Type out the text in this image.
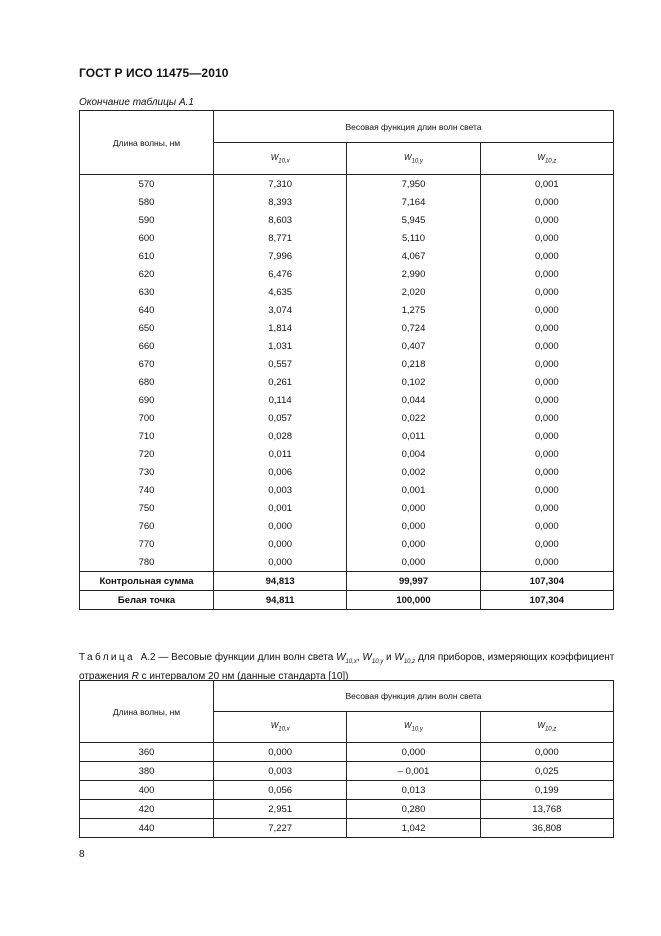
ГОСТ Р ИСО 11475—2010
Окончание таблицы А.1
Длина волны, нм	Весовая функция длин волн света		
	$W_{10,x}$	$W_{10,y}$	$W_{10,z}$
570	7,310	7,950	0,001
580	8,393	7,164	0,000
590	8,603	5,945	0,000
600	8,771	5,110	0,000
610	7,996	4,067	0,000
620	6,476	2,990	0,000
630	4,635	2,020	0,000
640	3,074	1,275	0,000
650	1,814	0,724	0,000
660	1,031	0,407	0,000
670	0,557	0,218	0,000
680	0,261	0,102	0,000
690	0,114	0,044	0,000
700	0,057	0,022	0,000
710	0,028	0,011	0,000
720	0,011	0,004	0,000
730	0,006	0,002	0,000
740	0,003	0,001	0,000
750	0,001	0,000	0,000
760	0,000	0,000	0,000
770	0,000	0,000	0,000
780	0,000	0,000	0,000
Контрольная сумма	94,813	99,997	107,304
Белая точка	94,811	100,000	107,304
Таблица А.2 — Весовые функции длин волн света $W_{10,x}$, $W_{10,y}$ и $W_{10,z}$ для приборов, измеряющих коэффициент отражения R с интервалом 20 нм (данные стандарта [10])
Длина волны, нм	Весовая функция длин волн света		
	$W_{10,x}$	$W_{10,y}$	$W_{10,z}$
360	0,000	0,000	0,000
380	0,003	– 0,001	0,025
400	0,056	0,013	0,199
420	2,951	0,280	13,768
440	7,227	1,042	36,808
8
